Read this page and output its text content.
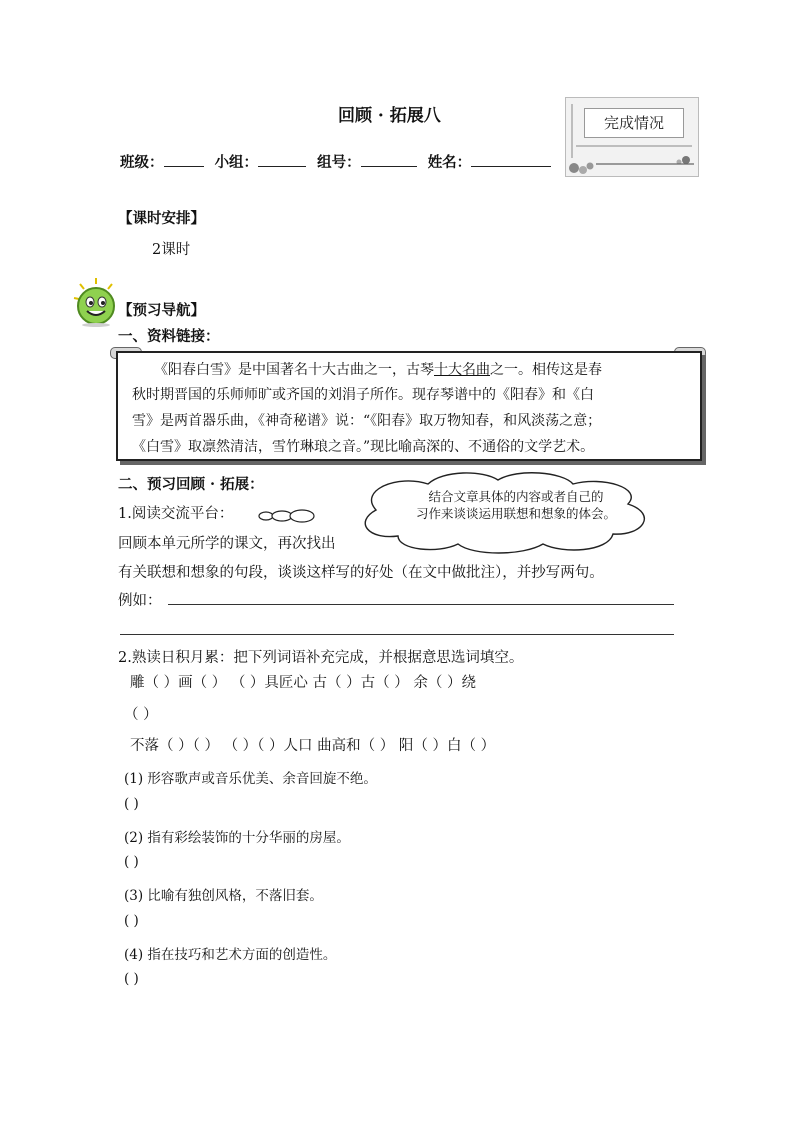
回顾 · 拓展八
班级：	小组：	组号：	姓名：
完成情况
【课时安排】
2课时
【预习导航】
一、资料链接：
《阳春白雪》是中国著名十大古曲之一，古琴十大名曲之一。相传这是春
秋时期晋国的乐师师旷或齐国的刘涓子所作。现存琴谱中的《阳春》和《白
雪》是两首器乐曲，《神奇秘谱》说：“《阳春》取万物知春，和风淡荡之意；
《白雪》取凛然清洁，雪竹琳琅之音。”现比喻高深的、不通俗的文学艺术。
二、预习回顾 · 拓展：
1.阅读交流平台：
结合文章具体的内容或者自己的
习作来谈谈运用联想和想象的体会。
回顾本单元所学的课文，再次找出
有关联想和想象的句段，谈谈这样写的好处（在文中做批注），并抄写两句。
例如：
2.熟读日积月累：把下列词语补充完成，并根据意思选词填空。
雕（ ）画（ ） （ ）具匠心 古（ ）古（ ） 余（ ）绕
（ ）
不落（ ）（ ） （ ）（ ）人口 曲高和（ ） 阳（ ）白（ ）
(1) 形容歌声或音乐优美、余音回旋不绝。
( )
(2) 指有彩绘装饰的十分华丽的房屋。
( )
(3) 比喻有独创风格，不落旧套。
( )
(4) 指在技巧和艺术方面的创造性。
( )
